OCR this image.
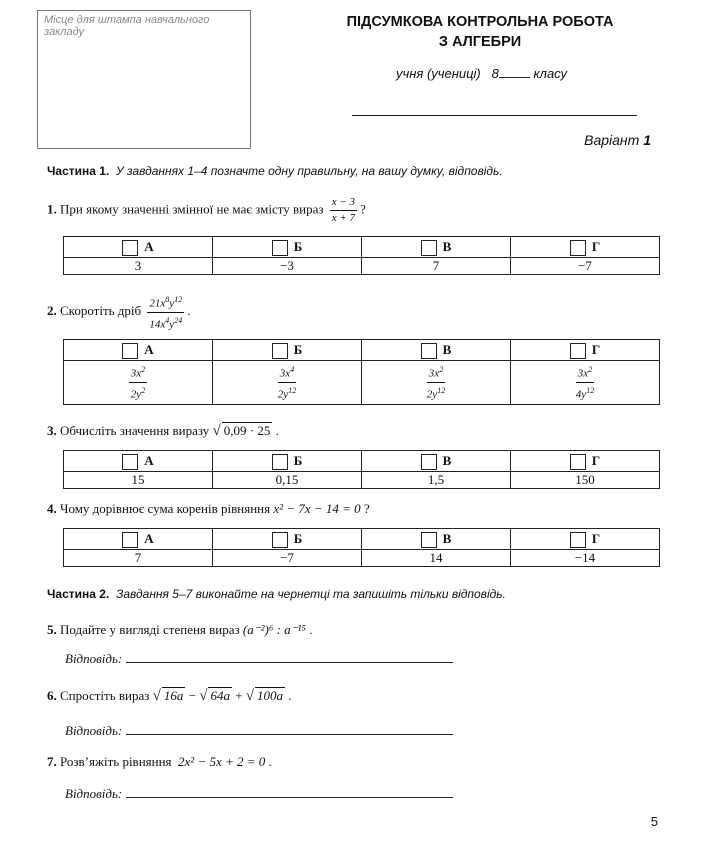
Місце для штампа навчального закладу
ПІДСУМКОВА КОНТРОЛЬНА РОБОТА
З АЛГЕБРИ
учня (учениці) 8	класу
Варіант 1
Частина 1. У завданнях 1–4 позначте одну правильну, на вашу думку, відповідь.
1. При якому значенні змінної не має змісту вираз $\frac{x - 3}{x + 7}$ ?
А	Б	В	Г
3	−3	7	−7
2. Скоротіть дріб $\frac{21x^8y^{12}}{14x^4y^{24}}$ .
А	Б	В	Г

$\frac{3x^2}{2y^2}$	$\frac{3x^4}{2y^{12}}$	$\frac{3x^2}{2y^{12}}$	$\frac{3x^2}{4y^{12}}$
3. Обчисліть значення виразу √ 0,09 · 25 .
А	Б	В	Г
15	0,15	1,5	150
4. Чому дорівнює сума коренів рівняння x² − 7x − 14 = 0 ?
А	Б	В	Г
7	−7	14	−14
Частина 2. Завдання 5–7 виконайте на чернетці та запишіть тільки відповідь.
5. Подайте у вигляді степеня вираз (a⁻²)⁶ : a⁻¹⁵ .
Відповідь:
6. Спростіть вираз √ 16a − √ 64a + √ 100a .
Відповідь:
7. Розв’яжіть рівняння 2x² − 5x + 2 = 0 .
Відповідь:
5
